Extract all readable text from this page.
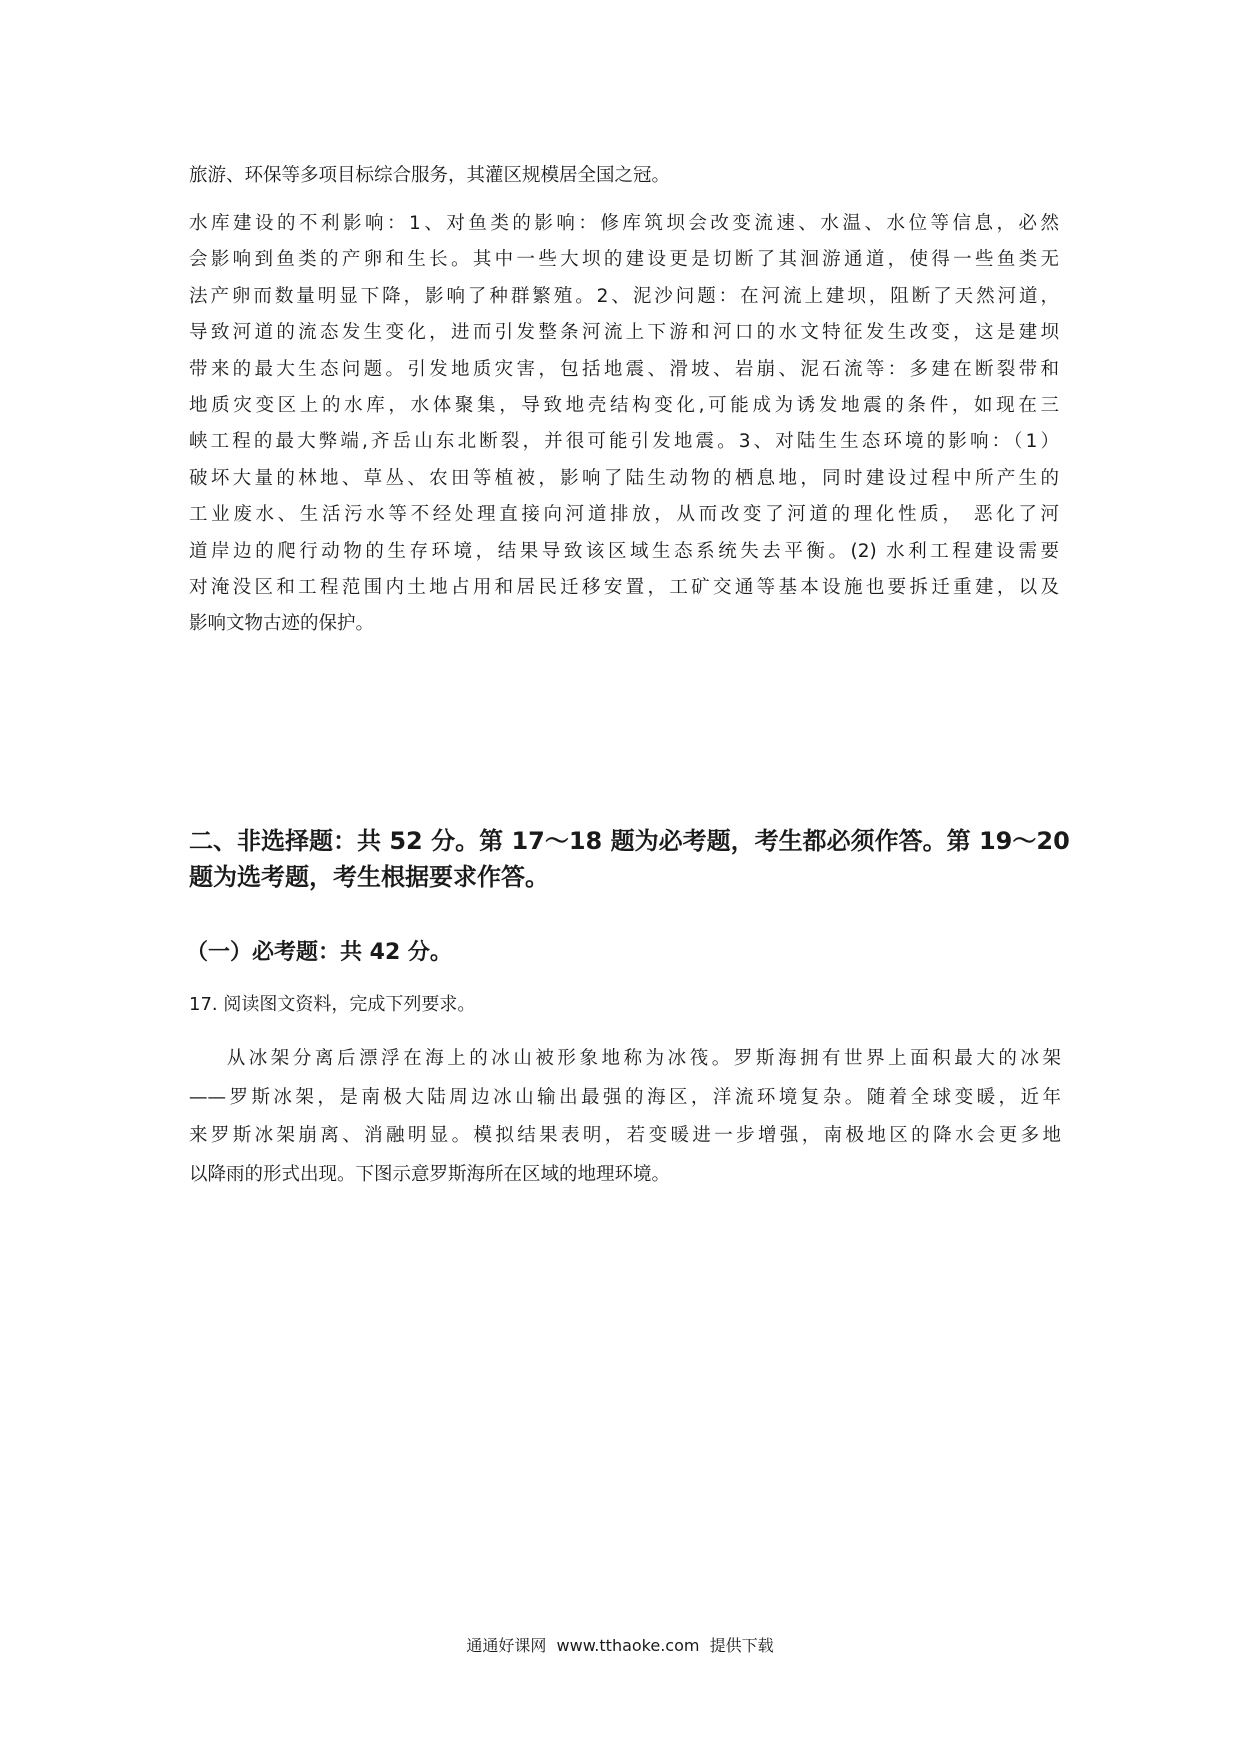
旅游、环保等多项目标综合服务，其灌区规模居全国之冠。
水库建设的不利影响：1、对鱼类的影响：修库筑坝会改变流速、水温、水位等信息，必然
会影响到鱼类的产卵和生长。其中一些大坝的建设更是切断了其洄游通道，使得一些鱼类无
法产卵而数量明显下降，影响了种群繁殖。2、泥沙问题：在河流上建坝，阻断了天然河道，
导致河道的流态发生变化，进而引发整条河流上下游和河口的水文特征发生改变，这是建坝
带来的最大生态问题。引发地质灾害，包括地震、滑坡、岩崩、泥石流等：多建在断裂带和
地质灾变区上的水库，水体聚集，导致地壳结构变化,可能成为诱发地震的条件，如现在三
峡工程的最大弊端,齐岳山东北断裂，并很可能引发地震。3、对陆生生态环境的影响：（1）
破坏大量的林地、草丛、农田等植被，影响了陆生动物的栖息地，同时建设过程中所产生的
工业废水、生活污水等不经处理直接向河道排放，从而改变了河道的理化性质， 恶化了河
道岸边的爬行动物的生存环境，结果导致该区域生态系统失去平衡。(2) 水利工程建设需要
对淹没区和工程范围内土地占用和居民迁移安置，工矿交通等基本设施也要拆迁重建，以及
影响文物古迹的保护。
二、非选择题：共 52 分。第 17～18 题为必考题，考生都必须作答。第 19～20
题为选考题，考生根据要求作答。

（一）必考题：共 42 分。

17. 阅读图文资料，完成下列要求。

从冰架分离后漂浮在海上的冰山被形象地称为冰筏。罗斯海拥有世界上面积最大的冰架
——罗斯冰架，是南极大陆周边冰山输出最强的海区，洋流环境复杂。随着全球变暖，近年
来罗斯冰架崩离、消融明显。模拟结果表明，若变暖进一步增强，南极地区的降水会更多地
以降雨的形式出现。下图示意罗斯海所在区域的地理环境。

通通好课网  www.tthaoke.com  提供下载
